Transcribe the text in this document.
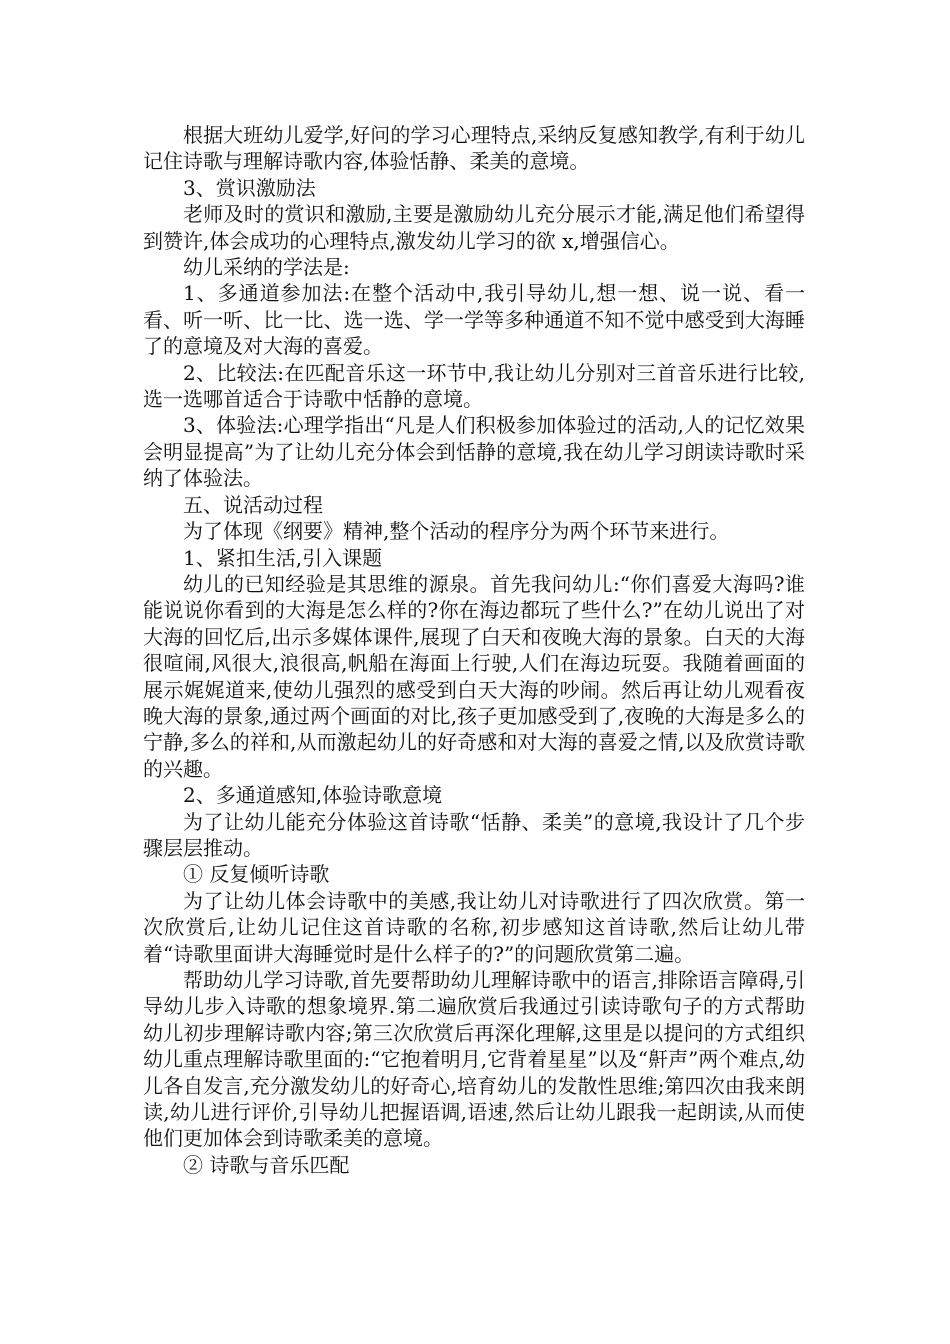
根据大班幼儿爱学,好问的学习心理特点,采纳反复感知教学,有利于幼儿记住诗歌与理解诗歌内容,体验恬静、柔美的意境。

3、赏识激励法

老师及时的赏识和激励,主要是激励幼儿充分展示才能,满足他们希望得到赞许,体会成功的心理特点,激发幼儿学习的欲 x,增强信心。

幼儿采纳的学法是:

1、多通道参加法:在整个活动中,我引导幼儿,想一想、说一说、看一看、听一听、比一比、选一选、学一学等多种通道不知不觉中感受到大海睡了的意境及对大海的喜爱。

2、比较法:在匹配音乐这一环节中,我让幼儿分别对三首音乐进行比较,选一选哪首适合于诗歌中恬静的意境。

3、体验法:心理学指出“凡是人们积极参加体验过的活动,人的记忆效果会明显提高”为了让幼儿充分体会到恬静的意境,我在幼儿学习朗读诗歌时采纳了体验法。

五、说活动过程

为了体现《纲要》精神,整个活动的程序分为两个环节来进行。

1、紧扣生活,引入课题

幼儿的已知经验是其思维的源泉。首先我问幼儿:“你们喜爱大海吗?谁能说说你看到的大海是怎么样的?你在海边都玩了些什么?”在幼儿说出了对大海的回忆后,出示多媒体课件,展现了白天和夜晚大海的景象。白天的大海很喧闹,风很大,浪很高,帆船在海面上行驶,人们在海边玩耍。我随着画面的展示娓娓道来,使幼儿强烈的感受到白天大海的吵闹。然后再让幼儿观看夜晚大海的景象,通过两个画面的对比,孩子更加感受到了,夜晚的大海是多么的宁静,多么的祥和,从而激起幼儿的好奇感和对大海的喜爱之情,以及欣赏诗歌的兴趣。

2、多通道感知,体验诗歌意境

为了让幼儿能充分体验这首诗歌“恬静、柔美”的意境,我设计了几个步骤层层推动。

① 反复倾听诗歌

为了让幼儿体会诗歌中的美感,我让幼儿对诗歌进行了四次欣赏。第一次欣赏后,让幼儿记住这首诗歌的名称,初步感知这首诗歌,然后让幼儿带着“诗歌里面讲大海睡觉时是什么样子的?”的问题欣赏第二遍。

帮助幼儿学习诗歌,首先要帮助幼儿理解诗歌中的语言,排除语言障碍,引导幼儿步入诗歌的想象境界.第二遍欣赏后我通过引读诗歌句子的方式帮助幼儿初步理解诗歌内容;第三次欣赏后再深化理解,这里是以提问的方式组织幼儿重点理解诗歌里面的:“它抱着明月,它背着星星”以及“鼾声”两个难点,幼儿各自发言,充分激发幼儿的好奇心,培育幼儿的发散性思维;第四次由我来朗读,幼儿进行评价,引导幼儿把握语调,语速,然后让幼儿跟我一起朗读,从而使他们更加体会到诗歌柔美的意境。

② 诗歌与音乐匹配
